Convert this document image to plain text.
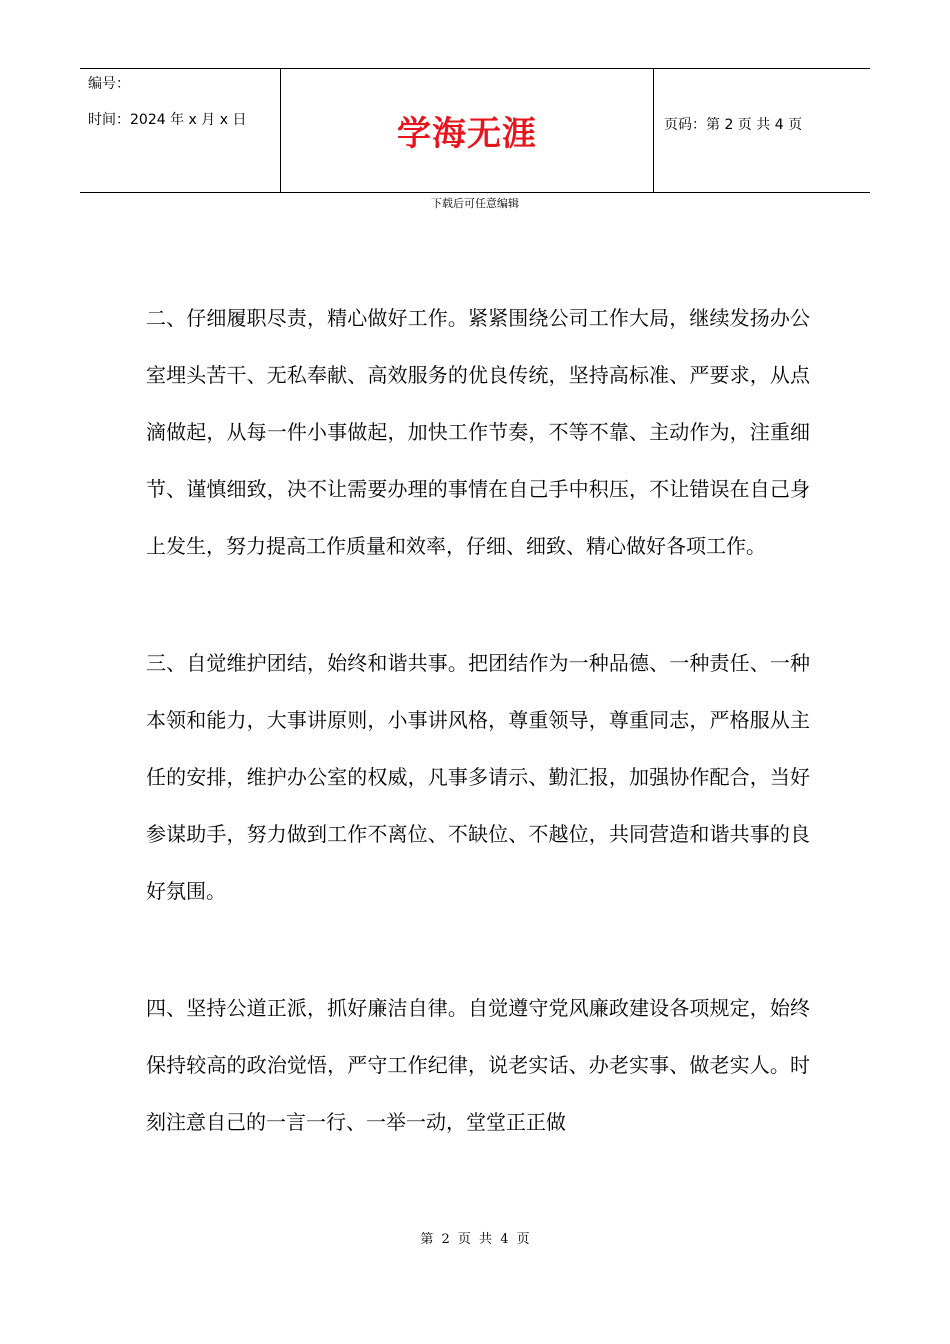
编号：
时间：2024 年 x 月 x 日	学海无涯	页码：第 2 页 共 4 页
下载后可任意编辑

二、仔细履职尽责，精心做好工作。紧紧围绕公司工作大局，继续发扬办公室埋头苦干、无私奉献、高效服务的优良传统，坚持高标准、严要求，从点滴做起，从每一件小事做起，加快工作节奏，不等不靠、主动作为，注重细节、谨慎细致，决不让需要办理的事情在自己手中积压，不让错误在自己身上发生，努力提高工作质量和效率，仔细、细致、精心做好各项工作。

三、自觉维护团结，始终和谐共事。把团结作为一种品德、一种责任、一种本领和能力，大事讲原则，小事讲风格，尊重领导，尊重同志，严格服从主任的安排，维护办公室的权威，凡事多请示、勤汇报，加强协作配合，当好参谋助手，努力做到工作不离位、不缺位、不越位，共同营造和谐共事的良好氛围。

四、坚持公道正派，抓好廉洁自律。自觉遵守党风廉政建设各项规定，始终保持较高的政治觉悟，严守工作纪律，说老实话、办老实事、做老实人。时刻注意自己的一言一行、一举一动，堂堂正正做

第 2 页 共 4 页
